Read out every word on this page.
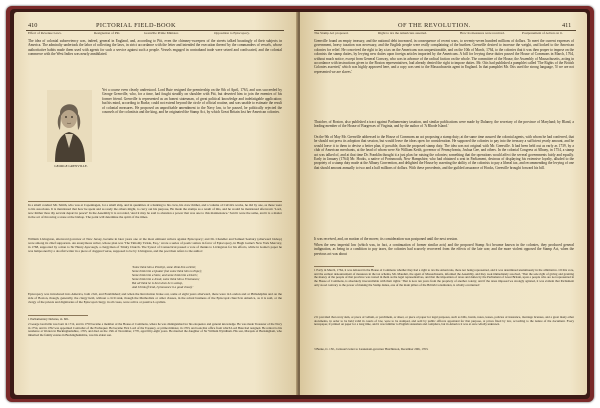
410	PICTORIAL FIELD-BOOK
Effect of Revenue Laws.	Resignation of Pitt.	Grenville Prime Minister.	Opposition to Episcopacy.

The idea of colonial subserviency was, indeed, general in England, and, according to Pitt, even the chimney-sweepers of the streets talked boastingly of their subjects in America. The admiralty undertook the labor of collecting the laws, in strict accordance with the letter and intended the execution thereof by the commanders of vessels, whose authoritative habits made them used with agents for such a service against such a people. Vessels engaged in contraband trade were seized and confiscated, and the colonial commerce with the West Indies was nearly annihilated.

GEORGE GRENVILLE.

Yet a course even clearly understood. Lord Bute resigned the premiership on the 8th of April, 1763, and was succeeded by George Grenville, who, for a time, had fought steadily on shoulder with Pitt, but deserted him to join the enemies of his former friend. Grenville is represented as an honest statesman, of great political knowledge and indefatigable application; but his mind, according to Burke, could not extend beyond the circle of official routine, and was unable to estimate the result of colonial measures. He proposed an unprofitable amendment to the Navy law, to be passed, he politically rejected the counsels of the coloniists and the king, and he originated the Stamp Act, by which Great Britain lost her American colonies.

In a small conduct Mr. Smith, who was at Copenhagen, for a small ship, and in quantities of a hunting to his crew, his crew thither, and a volume of Calvin's works, he did by one, as these were to his associates. It is mentioned that how he spent and as ready the others might, to carry out his purpose, He made the stamps as a result of this, and he would be mentioned afterward. 'Lord, now thither thou thy servant depart in peace!' In the Assembly it is recorded, 'And it may be said to abandon a power that was one to this maintenance.' Said it were the same, and it is a matter in the act of throwing a stone at the bishop. The point will determine the spirit of the times.

William Livingston, afterward governor of New Jersey, became in later years one of the most eminent writers against Episcopacy; and Dr. Chandler and Samuel Seabury (afterward bishop) were among its chief supporters. An anonymous writer, whose plan was 'The Timothy Tickle, Esq.,' wrote a series of poetic satires in favor of Episcopacy, in Hugh Gaine's New York Mercury, in 1768, supported by a man to Sir Henry Ayscough, a clergyman of Trinity Church. The Synod of Connecticut passed a vote of thanks to Livingston for his efforts, while in Gaine's paper he was lampooned by a doorful writer in a piece of doggerel verse, supposed to be by Livingston, and the poet then refers to the author:

'Some think him a Prestbyt, some think him a Deist;
Some think him a Quaker (but some think him no Pope);
Some think him a Stoic, and some think him a Dutch;
Some think him a Jesuit, some think him a Freemason;
But all think he is best when he is asleep,
And I think (friend, I pronounce it a good cheat).'

Episcopacy was introduced into America, both civil, and Established; and when the Revolution broke out, some of eight years afterward, there were in London and at Philadelphia and on the side of Boston, though, generally, the clergy held, without a civil rank, though the Methodists or other classes, in the actual business of the Episcopal church in America, as it is said, or the clergy of the priests and dignitaries of the Episcopal clergy, in all cases, were active or passive Loyalists.

1 Parliamentary Debates, xi. 601.

2 George Grenville was born in 1712, and in 1750 became a member of the House of Commons, where he was distinguished for his eloquence and general knowledge. He was made Treasurer of the Navy in 1754, and in 1762 was appointed Controller of the Exchequer. He became First Lord of the Treasury, or prime minister, in 1763, and took that office from which Lord Bute had resigned. He retired to his residence at Wotton in Buckinghamshire, 1765, and died on the 13th of November, 1770, aged fifty-eight years. He married the daughter of Sir William Wyndham. His son, Marquis of Buckingham, who inherited the family estates in Buckinghamshire, was his eldest son.

OF THE REVOLUTION.	411
The Stamp Act proposed.	Right to tax the Americans asserted.	How its measures were received.	Postponement of Action on it.

Grenville found an empty treasury, and the national debt increased, in consequence of recent wars, to seventy-seven hundred millions of dollars. To meet the current expenses of government, heavy taxation was necessary, and the English people were really complaining of the burthen. Grenville desired to increase the weight, and looked to the American colonies for relief. He conceived the right to lay a tax on the Americans was unquestionable, and on the 10th of March, 1764, to the colonies that it was then proper to impose on the colonists the stamp duties, by levying new duties upon foreign articles imported by the Americans. A bill for levying these duties passed the House of Commons in March, 1764, without much notice, except from General Conway, who was in advance of the radical faction on the whole. The committee of the House, the Assembly of Massachusetts, acting in accordance with instructions given to the Boston representatives, had already denied the right to impose duties. Mr. Otis had published a pamphlet called 'The Rights of the British Colonies asserted,' which was highly approved here, and a copy was sent to the Massachusetts agent in England. In that pamphlet Mr. Otis used the strong language, 'If we are not represented we are slaves.'

Thatcher, of Boston, also published a tract against Parliamentary taxation, and similar publications were made by Dulaney, the secretary of the province of Maryland; by Bland, a leading member of the House of Burgesses of Virginia, and by the author of 'A Rhode Island.'

On the 9th of May Mr. Grenville addressed to the House of Commons an act proposing a stamp duty; at the same time assured the colonial agents, with whom he had conferred, that he should not press its adoption that session, but would leave the ideas open for consideration. He supposed the colonies to pay into the treasury a sufficient yearly amount, and he would leave it to them to devise a better plan, if possible, than the proposed stamp duty. The idea was not original with Mr. Grenville. It had been held out as early as 1739, by a club of American merchants, at the head of whom were Sir William Keith, governor of Pennsylvania, Joshua Gee, and others. In the colonial Congress at Albany, in 1754, a stamp act was talked of, and at that time Dr. Franklin thought it a just plan for raising the colonies; something that the operations would affect the several governments fairly and equally. Early in January (1764) Mr. Hooks, a native of Portsmouth, New Hampshire, who had obtained a seat in Parliament, desirous of displaying his extensive loyalty, alluded to the propriety of a stamp duty made at the Albany Convention, and delighted the House by asserting the ability of the colonists to pay a liberal tax, and recommending the levying of one that should amount annually to two and a half millions of dollars. With these precedents, and the guilded assurance of Hooks, Grenville brought forward his bill.

It was received, and, on motion of the mover, its consideration was postponed until the next session.

When the new imperial law (which was, in fact, a continuation of former similar acts) and the proposed Stamp Act became known in the colonies, they produced general indignation, as being in a condition to pay taxes, the colonies had scarcely recovered from the effects of the late war; and the more violent opposed the Stamp Act, when the previous act was about

1 Early in March, 1764, it was debated in the House of Commons whether they had a right to tax the Americans, there not being represented, and it was determined unanimously in the affirmative. Of this vote, and the earliest denouncement of measures in the tax schema, Mr. Mauduit, the agent of Massachusetts, informed the Assembly, and they took immediately resolved, 'That the sole right of giving and granting the money of the people of that province was vested in them as the legal representatives, and that the imposition of taxes and duties by the Parliament of Great Britain, upon a people who are not represented in the House of Commons, is absolutely irreconcilable with their rights.' That is now ten years from the propriety of another colony; and if the taxes imposed we strongly agitated, it was evident that Parliament only stood contrary to the power of making the Stamp duties, one of the main pillars of the British Constitution, is wholly overturned.'

2 It provided that every skin, or piece of vellum, or parchment, or sheet, or piece of paper for legal purposes, such as bills, bonds, notes, leases, policies of insurance, marriage licenses, and a great many other documents, in order to be held valid in courts of law, were to be stamped, and sold by public officers appointed for that purpose, at prices fixed by law, according to the nature of the document. Every newspaper, if printed on paper for a long time, and it was familiar to English statesmen and compilers, but in America it was at once wholly unknown.

3 Burke, iv. 150., Jackson's letter to Lieutenant-governor Hutchinson, December 29th, 1763.
